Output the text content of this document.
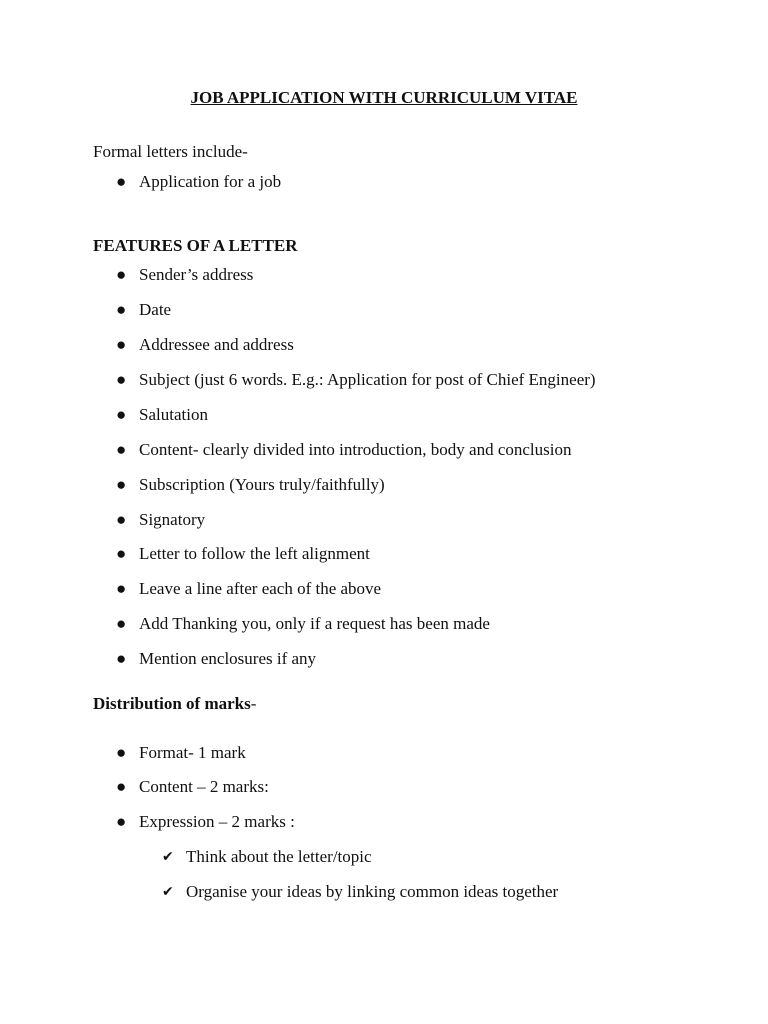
JOB APPLICATION WITH CURRICULUM VITAE
Formal letters include-
● Application for a job
FEATURES OF A LETTER
● Sender’s address
● Date
● Addressee and address
● Subject (just 6 words. E.g.: Application for post of Chief Engineer)
● Salutation
● Content- clearly divided into introduction, body and conclusion
● Subscription (Yours truly/faithfully)
● Signatory
● Letter to follow the left alignment
● Leave a line after each of the above
● Add Thanking you, only if a request has been made
● Mention enclosures if any
Distribution of marks-
● Format- 1 mark
● Content – 2 marks:
● Expression – 2 marks :
✔ Think about the letter/topic
✔ Organise your ideas by linking common ideas together
